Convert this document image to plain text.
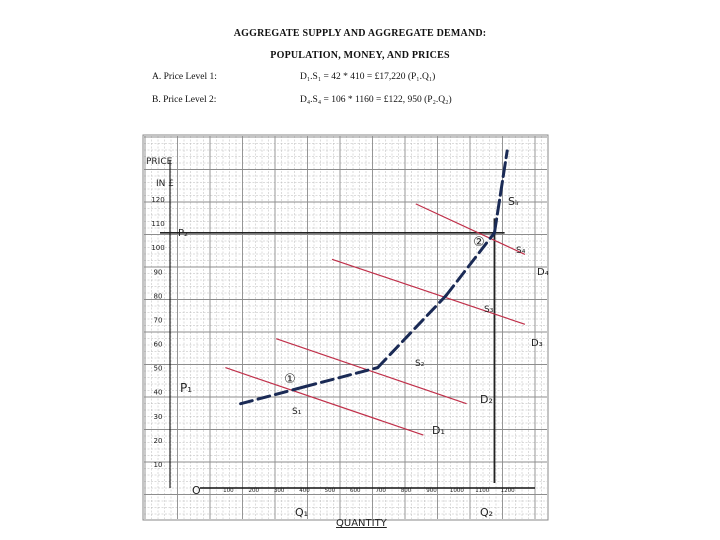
AGGREGATE SUPPLY AND AGGREGATE DEMAND:
POPULATION, MONEY, AND PRICES
A. Price Level 1:	D₁.S₁ = 42 * 410 = £17,220 (P₁.Q₁)
B. Price Level 2:	D₄.S₄ = 106 * 1160 = £122, 950 (P₂.Q₂)
100	200	300	400	500	600	700	800	900 1000 1100 1200
10
20
30
40
50
60
70
80
90
100
110
120
O
PRICE
IN £
QUANTITY
P₁
P₂
Q₁	Q₂
D₁
D₂
D₃
D₄
S₁
S₂
S₃
S₄
Sₗᵣ
①
②
